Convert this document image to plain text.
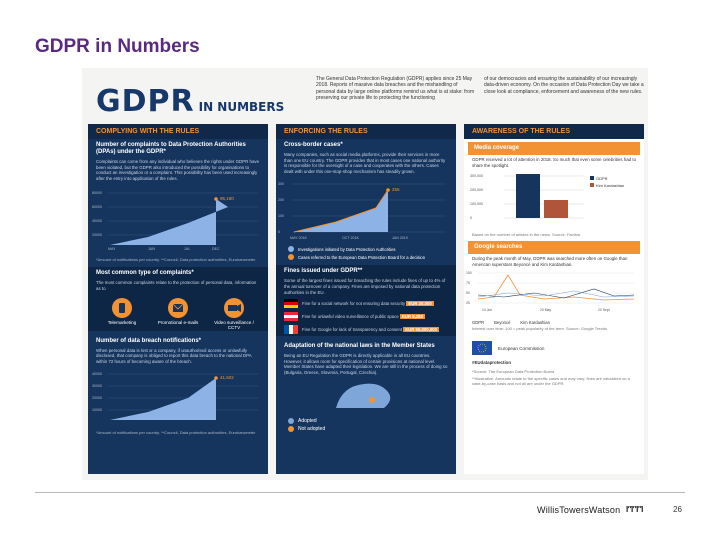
GDPR in Numbers
GDPR IN NUMBERS
The General Data Protection Regulation (GDPR) applies since 25 May 2018. Reports of massive data breaches and the mishandling of personal data by large online platforms remind us what is at stake: from preserving our private life to protecting the functioning
of our democracies and ensuring the sustainability of our increasingly data-driven economy. On the occasion of Data Protection Day we take a close look at compliance, enforcement and awareness of the new rules.
COMPLYING WITH THE RULES
Number of complaints to Data Protection Authorities (DPAs) under the GDPR*
Complaints can come from any individual who believes the rights under GDPR have been violated, but the GDPR also introduced the possibility for organisations to conduct an investigation or a complaint. This possibility has been used increasingly after the entry into application of the rules.
95,180
80000
60000
40000
20000
MAY	JUN	JUL	DEC
*Amount of notifications per country. **Council, Data protection authorities, Eurobarometer
Most common type of complaints*
The most common complaints relate to the protection of personal data, information as to
Telemarketing	Promotional e-mails	Video surveillance / CCTV
Number of data breach notifications*
When personal data is lost or a company, if unauthorised access or unlawfully disclosed, that company is obliged to report this data breach to the national DPA within 72 hours of becoming aware of the breach.
41,502
40000
30000
20000
10000
*Amount of notifications per country. **Council, Data protection authorities, Eurobarometer
ENFORCING THE RULES
Cross-border cases*
Many companies, such as social media platforms, provide their services in more than one EU country. The GDPR provides that in most cases one national authority is responsible for the oversight of a case and cooperates with the others. Cases dealt with under this one-stop-shop mechanism has steadily grown.
255
300
200
100
0
MAY 2018	OCT 2018	JAN 2019
Investigations initiated by Data Protection Authorities
Cases referred to the European Data Protection Board for a decision
Fines issued under GDPR**
Some of the largest fines issued for breaching the rules include fines of up to 4% of the annual turnover of a company. Fines are imposed by national data protection authorities in the EU.
Fine for a social network for not ensuring data security EUR 20,000
Fine for unlawful video surveillance of public space EUR 5,280
Fine for Google for lack of transparency and consent EUR 50,000,000
Adaptation of the national laws in the Member States
Being an EU Regulation the GDPR is directly applicable in all EU countries. However, it allows room for specification of certain provisions at national level. Member States have adapted their legislation. We are still in the process of doing so (Bulgaria, Greece, Slovenia, Portugal, Czechia).
Adopted
Not adopted
AWARENESS OF THE RULES
Media coverage
GDPR received a lot of attention in 2018. So much that even some celebrities had to share the spotlight.
300,000
200,000
100,000
0
GDPR
Kim Kardashian
Based on the number of articles in the news. Source: Factiva
Google searches
During the peak month of May, GDPR was searched more often on Google than American superstars Beyoncé and Kim Kardashian.
100
75
50
25
14 Jun	20 May	20 Sept
GDPR Beyoncé Kim Kardashian
Interest over time: 100 = peak popularity of the term. Source: Google Trends
European Commission
#EUdataprotection
*Source: The European Data Protection Board
**Illustrative. Amounts relate to the specific cases and may vary; fines are calculated on a case-by-case basis and not all are under the GDPR.
WillisTowersWatson I″I″I″I	26
